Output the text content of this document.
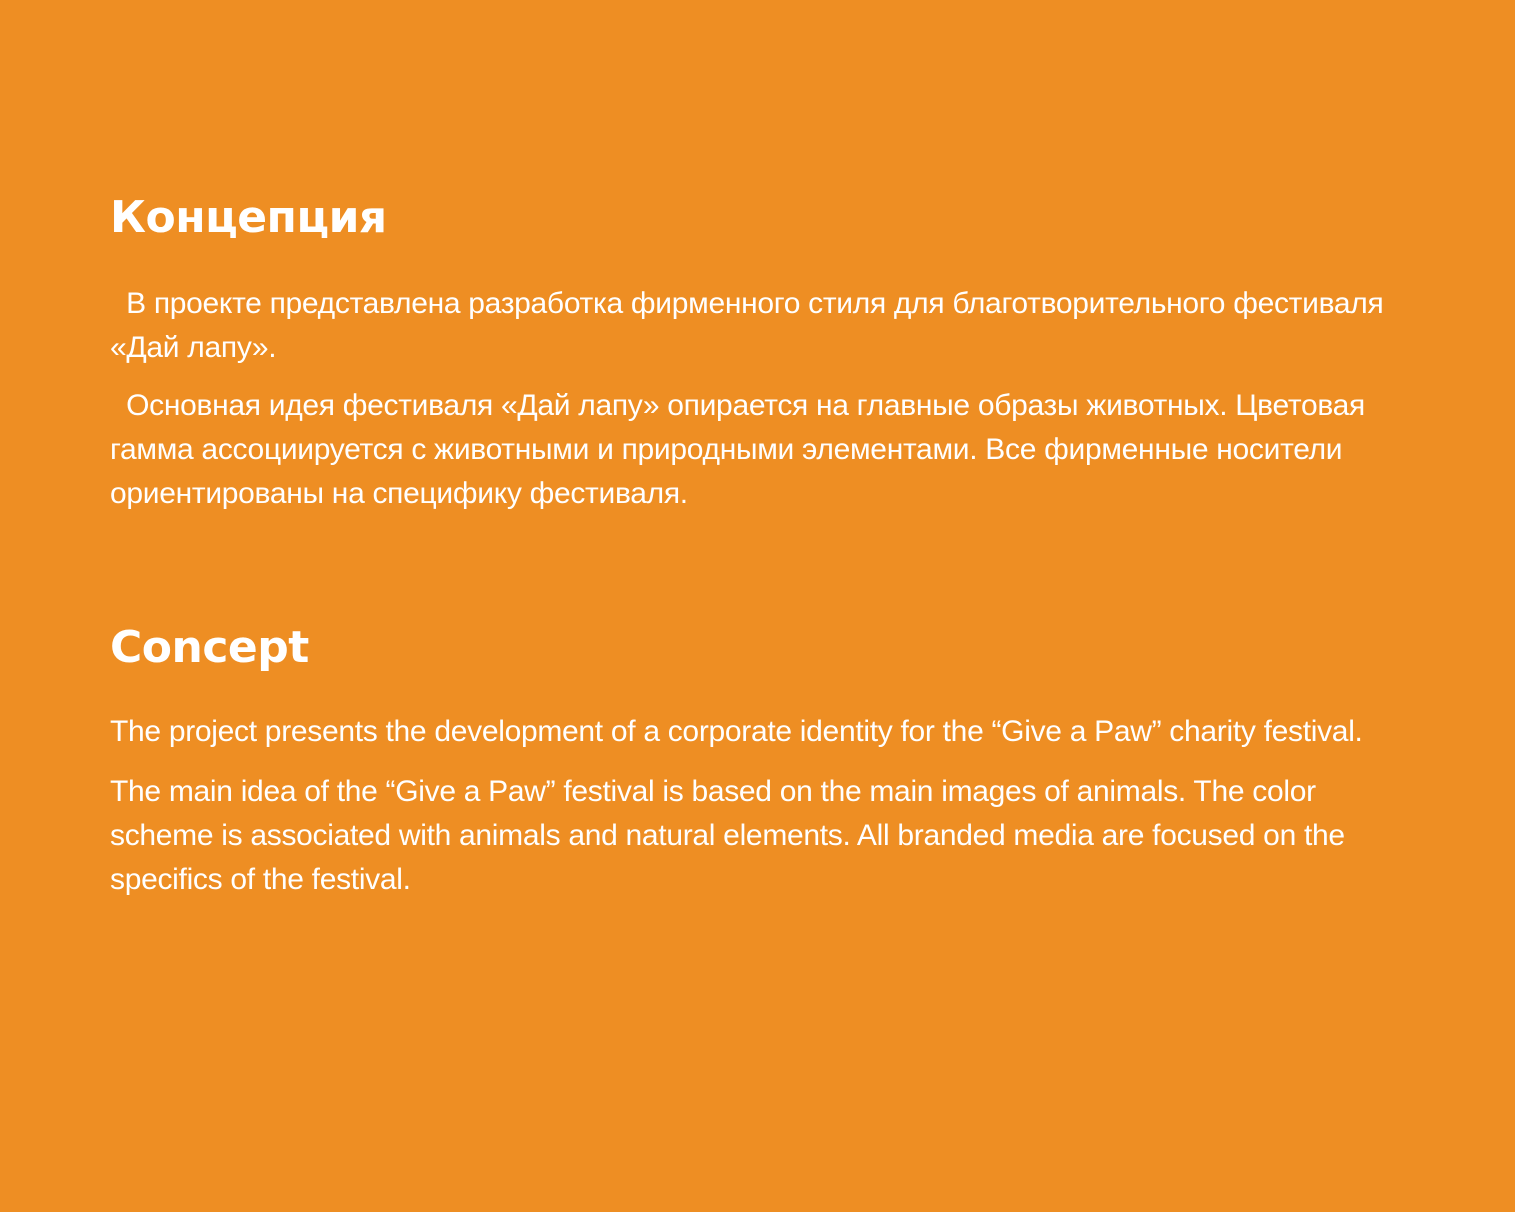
Концепция

В проекте представлена разработка фирменного стиля для благотворительного фестиваля «Дай лапу».

Основная идея фестиваля «Дай лапу» опирается на главные образы животных. Цветовая гамма ассоциируется с животными и природными элементами. Все фирменные носители ориентированы на специфику фестиваля.

Concept

The project presents the development of a corporate identity for the “Give a Paw” charity festival.

The main idea of the “Give a Paw” festival is based on the main images of animals. The color scheme is associated with animals and natural elements. All branded media are focused on the specifics of the festival.
